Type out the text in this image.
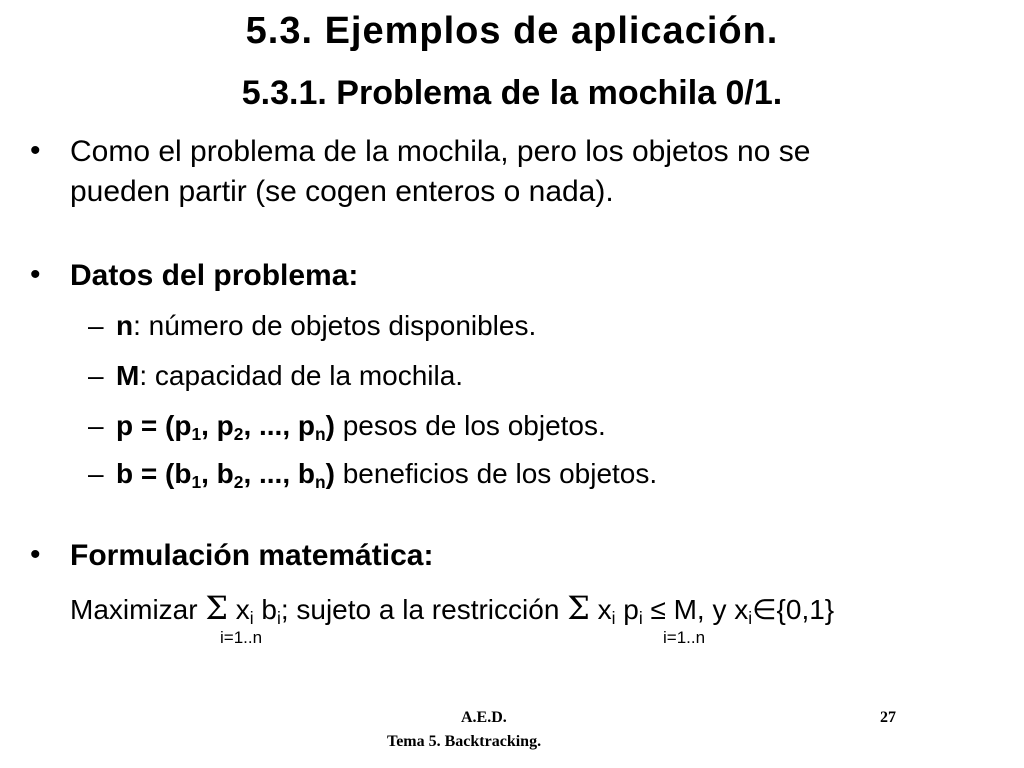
5.3. Ejemplos de aplicación.
5.3.1. Problema de la mochila 0/1.
• Como el problema de la mochila, pero los objetos no se
pueden partir (se cogen enteros o nada).
• Datos del problema:
– n: número de objetos disponibles.
– M: capacidad de la mochila.
– $p = (p_1$, $p_2$, ..., $p_n$) pesos de los objetos.
– $b = (b_1$, $b_2$, ..., $b_n$) beneficios de los objetos.
• Formulación matemática:
Maximizar Σ $x_i$ $b_i$; sujeto a la restricción Σ $x_i$ $p_i \le M$, y $x_i\in\{0,1\}$
i=1..n	i=1..n
A.E.D.
Tema 5. Backtracking.
27
